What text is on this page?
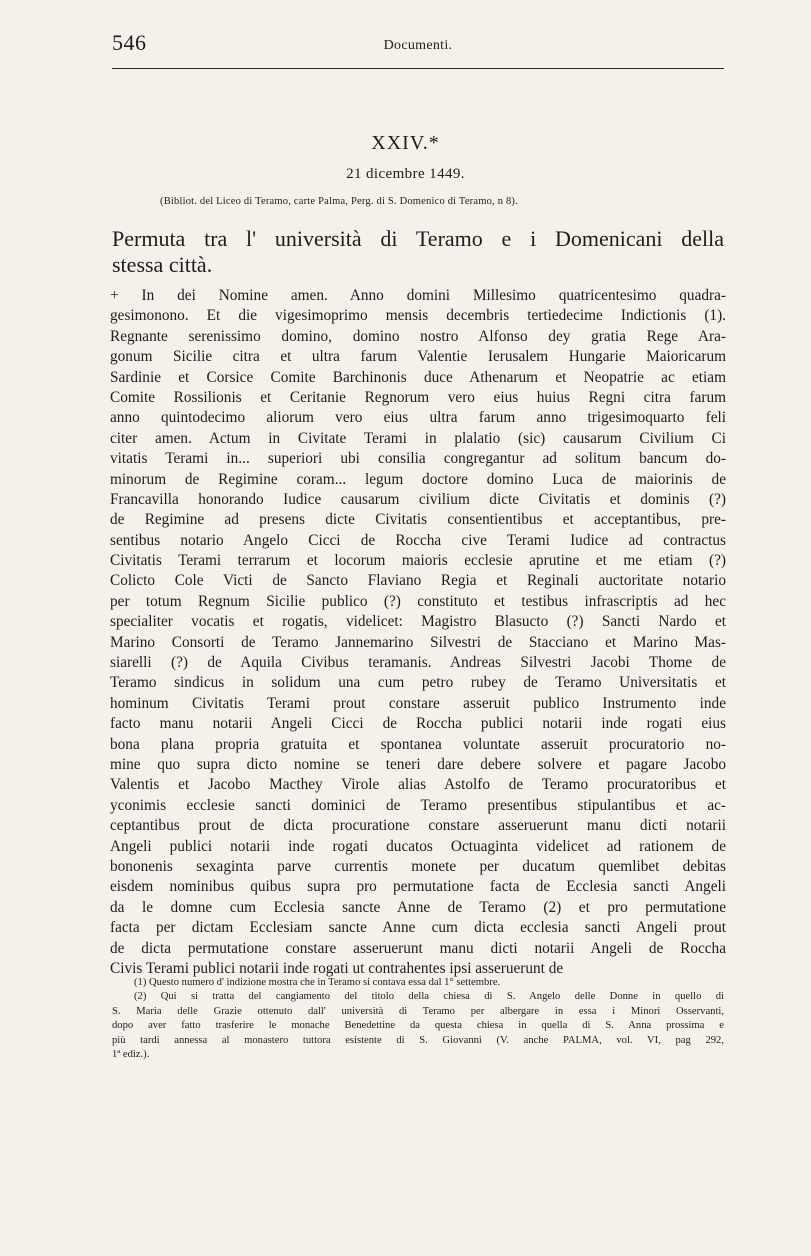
546	Documenti.
XXIV.*
21 dicembre 1449.
(Bibliot. del Liceo di Teramo, carte Palma, Perg. di S. Domenico di Teramo, n 8).
Permuta tra l' università di Teramo e i Domenicani della
stessa città.
+ In dei Nomine amen. Anno domini Millesimo quatricentesimo quadra-
gesimonono. Et die vigesimoprimo mensis decembris tertiedecime Indictionis (1).
Regnante serenissimo domino, domino nostro Alfonso dey gratia Rege Ara-
gonum Sicilie citra et ultra farum Valentie Ierusalem Hungarie Maioricarum
Sardinie et Corsice Comite Barchinonis duce Athenarum et Neopatrie ac etiam
Comite Rossilionis et Ceritanie Regnorum vero eius huius Regni citra farum
anno quintodecimo aliorum vero eius ultra farum anno trigesimoquarto feli
citer amen. Actum in Civitate Terami in plalatio (sic) causarum Civilium Ci
vitatis Terami in... superiori ubi consilia congregantur ad solitum bancum do-
minorum de Regimine coram... legum doctore domino Luca de maiorinis de
Francavilla honorando Iudice causarum civilium dicte Civitatis et dominis (?)
de Regimine ad presens dicte Civitatis consentientibus et acceptantibus, pre-
sentibus notario Angelo Cicci de Roccha cive Terami Iudice ad contractus
Civitatis Terami terrarum et locorum maioris ecclesie aprutine et me etiam (?)
Colicto Cole Victi de Sancto Flaviano Regia et Reginali auctoritate notario
per totum Regnum Sicilie publico (?) constituto et testibus infrascriptis ad hec
specialiter vocatis et rogatis, videlicet: Magistro Blasucto (?) Sancti Nardo et
Marino Consorti de Teramo Jannemarino Silvestri de Stacciano et Marino Mas-
siarelli (?) de Aquila Civibus teramanis. Andreas Silvestri Jacobi Thome de
Teramo sindicus in solidum una cum petro rubey de Teramo Universitatis et
hominum Civitatis Terami prout constare asseruit publico Instrumento inde
facto manu notarii Angeli Cicci de Roccha publici notarii inde rogati eius
bona plana propria gratuita et spontanea voluntate asseruit procuratorio no-
mine quo supra dicto nomine se teneri dare debere solvere et pagare Jacobo
Valentis et Jacobo Macthey Virole alias Astolfo de Teramo procuratoribus et
yconimis ecclesie sancti dominici de Teramo presentibus stipulantibus et ac-
ceptantibus prout de dicta procuratione constare asseruerunt manu dicti notarii
Angeli publici notarii inde rogati ducatos Octuaginta videlicet ad rationem de
bononenis sexaginta parve currentis monete per ducatum quemlibet debitas
eisdem nominibus quibus supra pro permutatione facta de Ecclesia sancti Angeli
da le domne cum Ecclesia sancte Anne de Teramo (2) et pro permutatione
facta per dictam Ecclesiam sancte Anne cum dicta ecclesia sancti Angeli prout
de dicta permutatione constare asseruerunt manu dicti notarii Angeli de Roccha
Civis Terami publici notarii inde rogati ut contrahentes ipsi asseruerunt de
(1) Questo numero d' indizione mostra che in Teramo si contava essa dal 1° settembre.
(2) Qui si tratta del cangiamento del titolo della chiesa di S. Angelo delle Donne in quello di
S. Maria delle Grazie ottenuto dall' università di Teramo per albergare in essa i Minori Osservanti,
dopo aver fatto trasferire le monache Benedettine da questa chiesa in quella di S. Anna prossima e
più tardi annessa al monastero tuttora esistente di S. Giovanni (V. anche PALMA, vol. VI, pag 292,
1ª ediz.).
